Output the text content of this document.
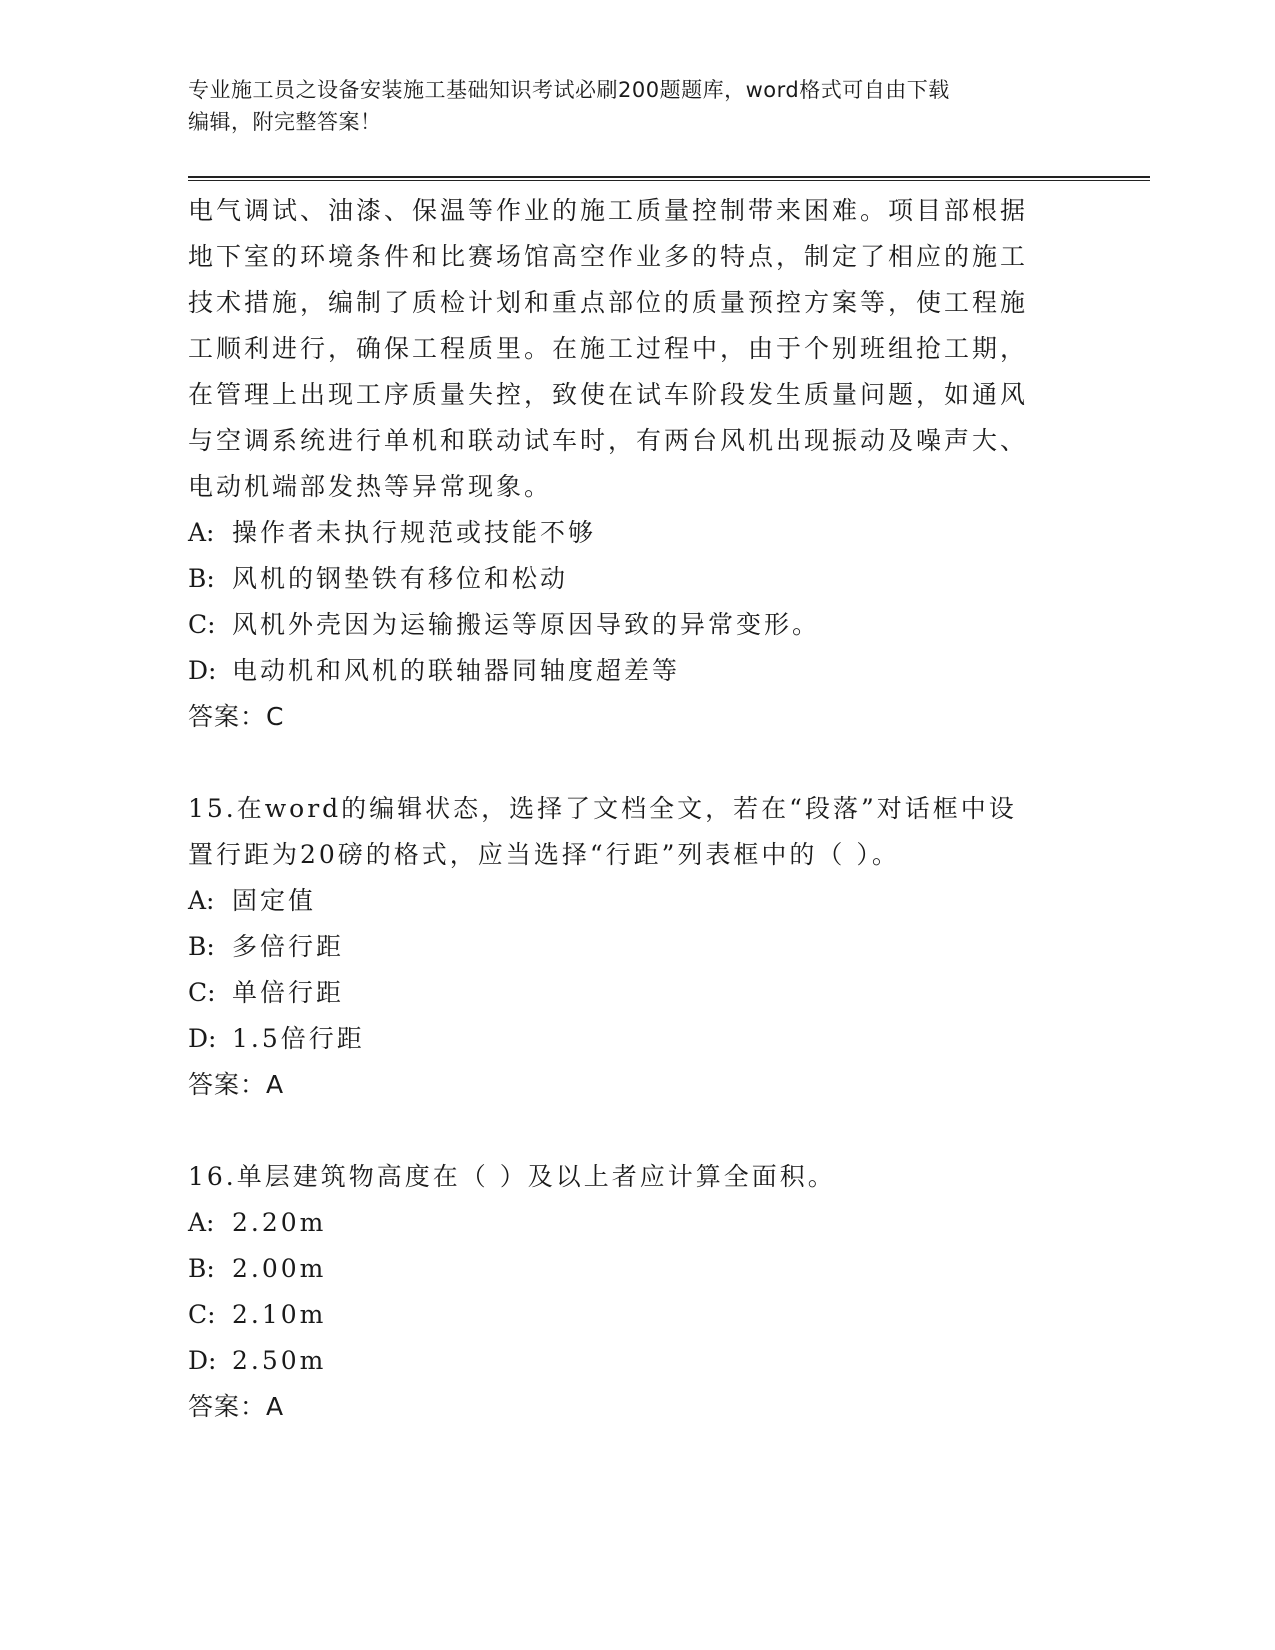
专业施工员之设备安装施工基础知识考试必刷200题题库，word格式可自由下载
编辑，附完整答案！
电气调试、油漆、保温等作业的施工质量控制带来困难。项目部根据
地下室的环境条件和比赛场馆高空作业多的特点，制定了相应的施工
技术措施，编制了质检计划和重点部位的质量预控方案等，使工程施
工顺利进行，确保工程质里。在施工过程中，由于个别班组抢工期，
在管理上出现工序质量失控，致使在试车阶段发生质量问题，如通风
与空调系统进行单机和联动试车时，有两台风机出现振动及噪声大、
电动机端部发热等异常现象。
A: 操作者未执行规范或技能不够
B: 风机的钢垫铁有移位和松动
C: 风机外壳因为运输搬运等原因导致的异常变形。
D: 电动机和风机的联轴器同轴度超差等
答案：C
15.在word的编辑状态，选择了文档全文，若在“段落”对话框中设
置行距为20磅的格式，应当选择“行距”列表框中的（ ）。
A: 固定值
B: 多倍行距
C: 单倍行距
D: 1.5倍行距
答案：A
16.单层建筑物高度在（ ）及以上者应计算全面积。
A: 2.20m
B: 2.00m
C: 2.10m
D: 2.50m
答案：A
